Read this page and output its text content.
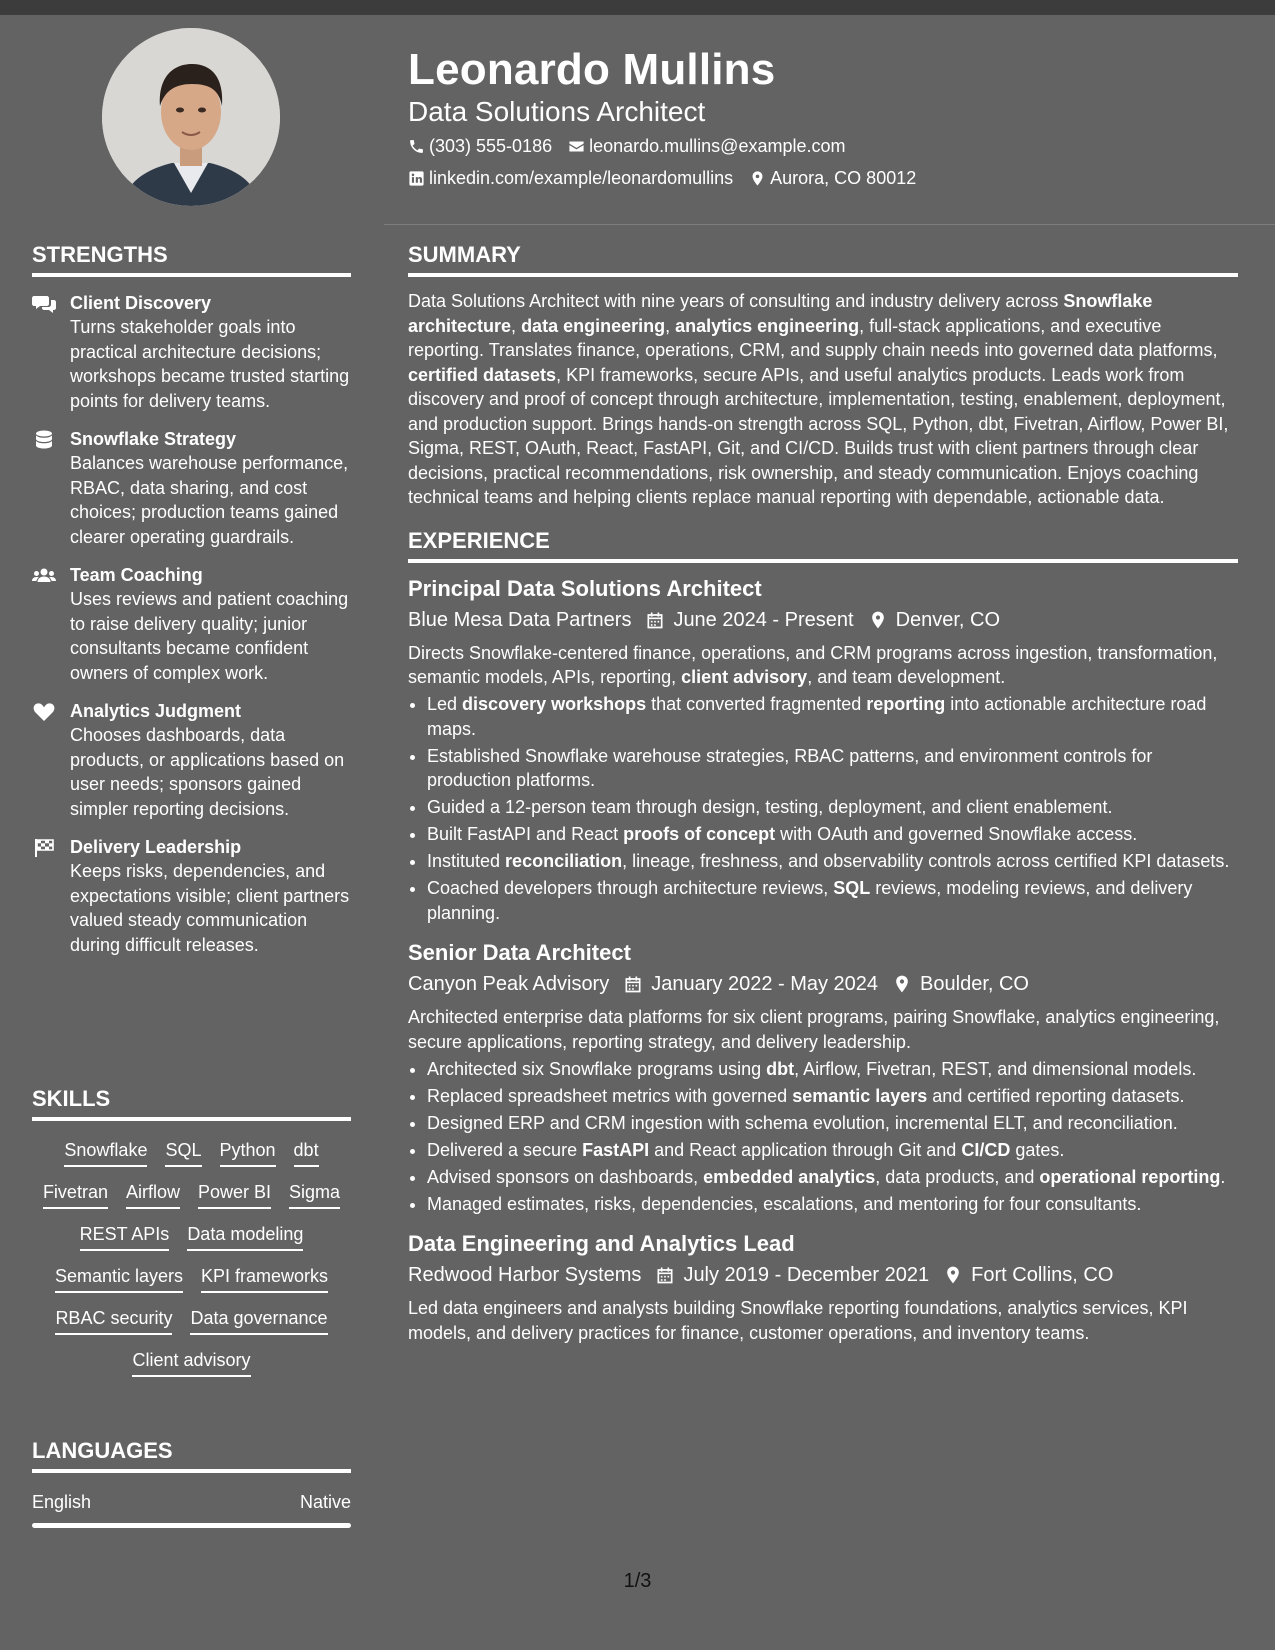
Leonardo Mullins
Data Solutions Architect
(303) 555-0186 leonardo.mullins@example.com
linkedin.com/example/leonardomullins Aurora, CO 80012
STRENGTHS
Client Discovery
Turns stakeholder goals into practical architecture decisions; workshops became trusted starting points for delivery teams.
Snowflake Strategy
Balances warehouse performance, RBAC, data sharing, and cost choices; production teams gained clearer operating guardrails.
Team Coaching
Uses reviews and patient coaching to raise delivery quality; junior consultants became confident owners of complex work.
Analytics Judgment
Chooses dashboards, data products, or applications based on user needs; sponsors gained simpler reporting decisions.
Delivery Leadership
Keeps risks, dependencies, and expectations visible; client partners valued steady communication during difficult releases.
SKILLS
Snowflake SQL Python dbt
Fivetran Airflow Power BI Sigma
REST APIs Data modeling
Semantic layers KPI frameworks
RBAC security Data governance
Client advisory
LANGUAGES
English	Native
SUMMARY

Data Solutions Architect with nine years of consulting and industry delivery across Snowflake architecture, data engineering, analytics engineering, full-stack applications, and executive reporting. Translates finance, operations, CRM, and supply chain needs into governed data platforms, certified datasets, KPI frameworks, secure APIs, and useful analytics products. Leads work from discovery and proof of concept through architecture, implementation, testing, enablement, deployment, and production support. Brings hands-on strength across SQL, Python, dbt, Fivetran, Airflow, Power BI, Sigma, REST, OAuth, React, FastAPI, Git, and CI/CD. Builds trust with client partners through clear decisions, practical recommendations, risk ownership, and steady communication. Enjoys coaching technical teams and helping clients replace manual reporting with dependable, actionable data.

EXPERIENCE
Principal Data Solutions Architect
Blue Mesa Data Partners June 2024 - Present Denver, CO

Directs Snowflake-centered finance, operations, and CRM programs across ingestion, transformation, semantic models, APIs, reporting, client advisory, and team development.

• Led discovery workshops that converted fragmented reporting into actionable architecture road maps.
• Established Snowflake warehouse strategies, RBAC patterns, and environment controls for production platforms.
• Guided a 12-person team through design, testing, deployment, and client enablement.
• Built FastAPI and React proofs of concept with OAuth and governed Snowflake access.
• Instituted reconciliation, lineage, freshness, and observability controls across certified KPI datasets.
• Coached developers through architecture reviews, SQL reviews, modeling reviews, and delivery planning.
Senior Data Architect
Canyon Peak Advisory January 2022 - May 2024 Boulder, CO

Architected enterprise data platforms for six client programs, pairing Snowflake, analytics engineering, secure applications, reporting strategy, and delivery leadership.

• Architected six Snowflake programs using dbt, Airflow, Fivetran, REST, and dimensional models.
• Replaced spreadsheet metrics with governed semantic layers and certified reporting datasets.
• Designed ERP and CRM ingestion with schema evolution, incremental ELT, and reconciliation.
• Delivered a secure FastAPI and React application through Git and CI/CD gates.
• Advised sponsors on dashboards, embedded analytics, data products, and operational reporting.
• Managed estimates, risks, dependencies, escalations, and mentoring for four consultants.
Data Engineering and Analytics Lead
Redwood Harbor Systems July 2019 - December 2021 Fort Collins, CO

Led data engineers and analysts building Snowflake reporting foundations, analytics services, KPI models, and delivery practices for finance, customer operations, and inventory teams.

1/3
